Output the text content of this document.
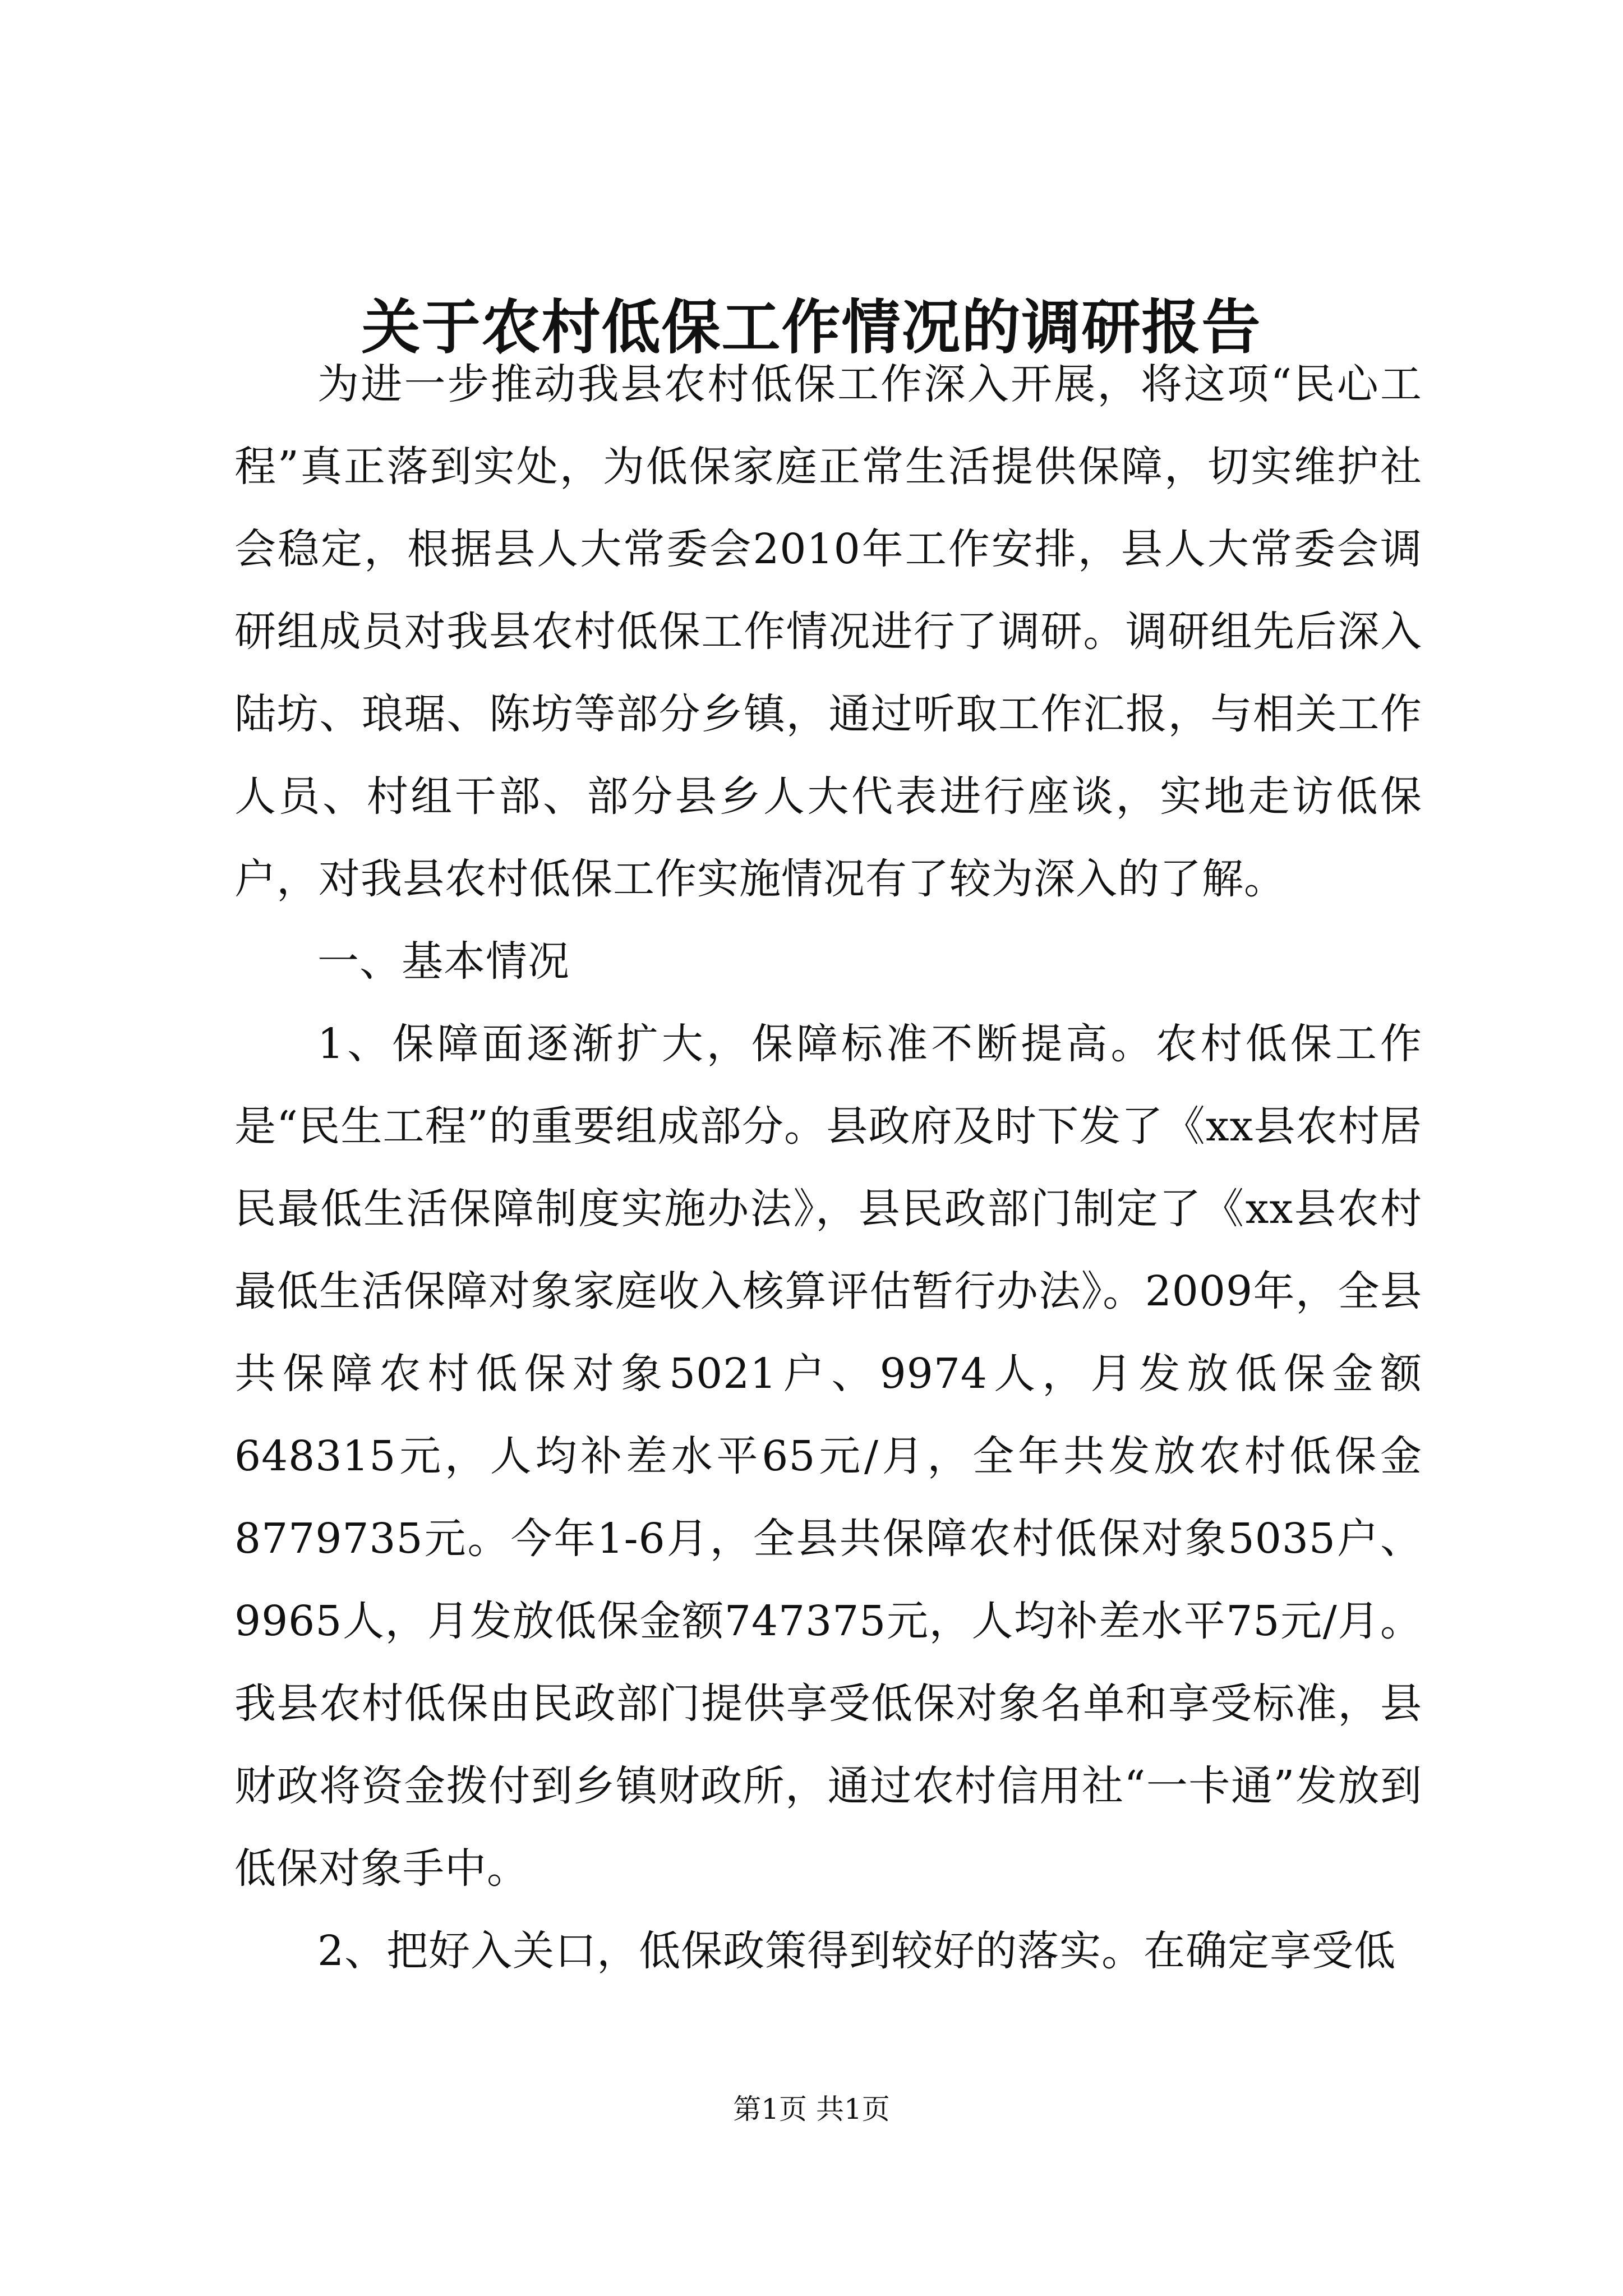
关于农村低保工作情况的调研报告

为进一步推动我县农村低保工作深入开展，将这项“民心工程”真正落到实处，为低保家庭正常生活提供保障，切实维护社会稳定，根据县人大常委会2010年工作安排，县人大常委会调研组成员对我县农村低保工作情况进行了调研。调研组先后深入陆坊、琅琚、陈坊等部分乡镇，通过听取工作汇报，与相关工作人员、村组干部、部分县乡人大代表进行座谈，实地走访低保户，对我县农村低保工作实施情况有了较为深入的了解。

一、基本情况

1、保障面逐渐扩大，保障标准不断提高。农村低保工作是“民生工程”的重要组成部分。县政府及时下发了《xx县农村居民最低生活保障制度实施办法》，县民政部门制定了《xx县农村最低生活保障对象家庭收入核算评估暂行办法》。2009年，全县共保障农村低保对象5021户、9974人，月发放低保金额648315元，人均补差水平65元/月，全年共发放农村低保金8779735元。今年1-6月，全县共保障农村低保对象5035户、9965人，月发放低保金额747375元，人均补差水平75元/月。我县农村低保由民政部门提供享受低保对象名单和享受标准，县财政将资金拨付到乡镇财政所，通过农村信用社“一卡通”发放到低保对象手中。

2、把好入关口，低保政策得到较好的落实。在确定享受低

第1页 共1页
